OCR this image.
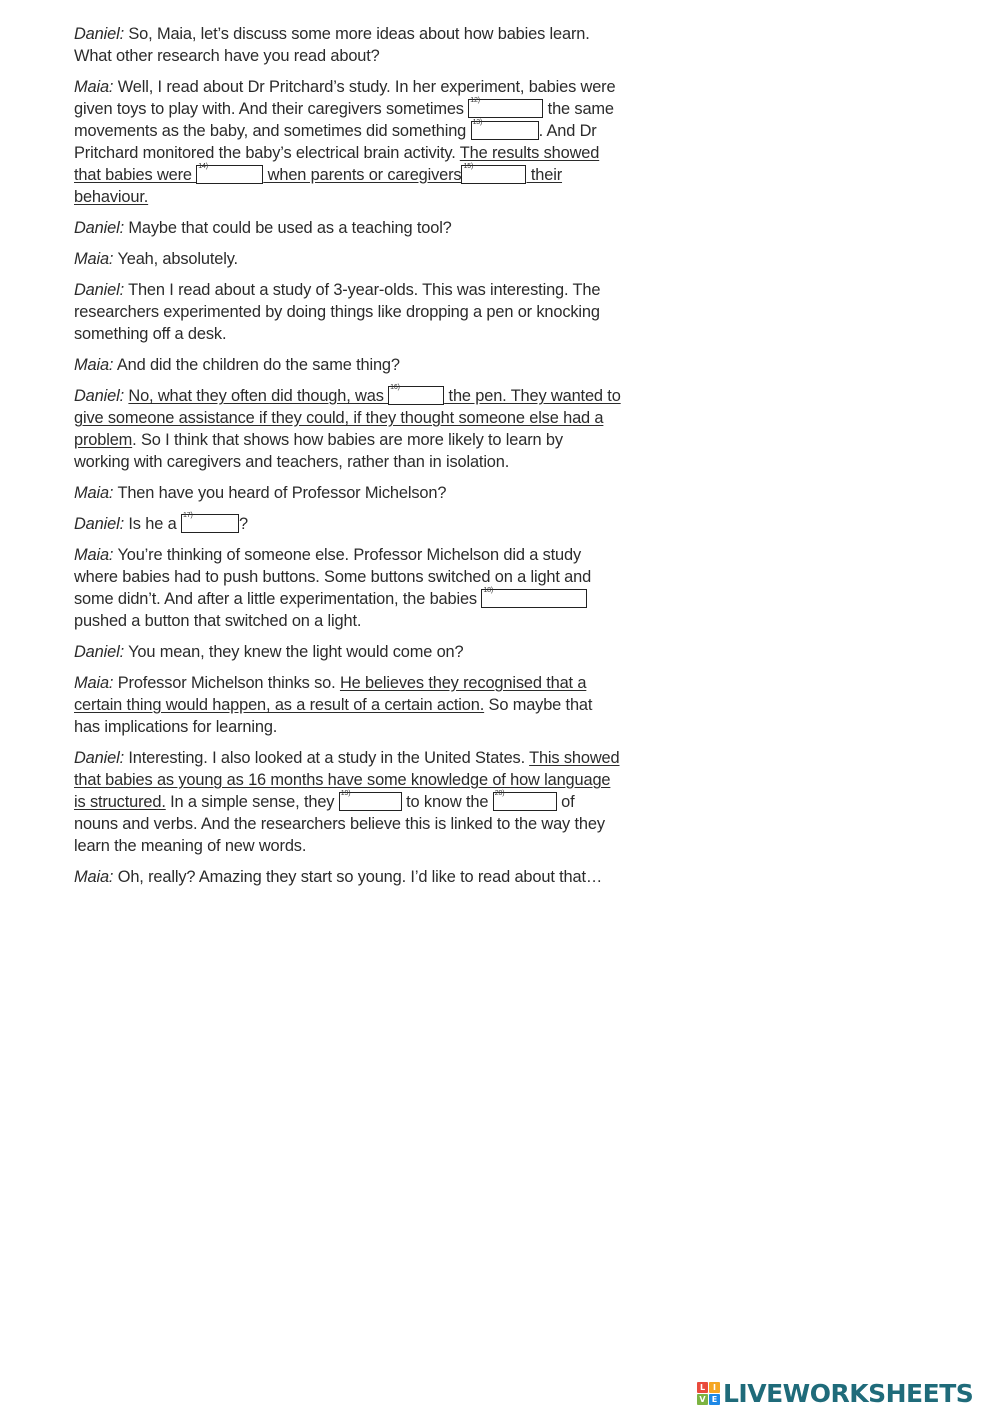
Daniel: So, Maia, let’s discuss some more ideas about how babies learn. What other research have you read about?

Maia: Well, I read about Dr Pritchard’s study. In her experiment, babies were given toys to play with. And their caregivers sometimes 12)	the same movements as the baby, and sometimes did something 13)	. And Dr Pritchard monitored the baby’s electrical brain activity. The results showed that babies were 14)	when parents or caregivers 15)	their behaviour.

Daniel: Maybe that could be used as a teaching tool?

Maia: Yeah, absolutely.

Daniel: Then I read about a study of 3-year-olds. This was interesting. The researchers experimented by doing things like dropping a pen or knocking something off a desk.

Maia: And did the children do the same thing?

Daniel: No, what they often did though, was 16)	the pen. They wanted to give someone assistance if they could, if they thought someone else had a problem. So I think that shows how babies are more likely to learn by working with caregivers and teachers, rather than in isolation.

Maia: Then have you heard of Professor Michelson?

Daniel: Is he a 17)	?

Maia: You’re thinking of someone else. Professor Michelson did a study where babies had to push buttons. Some buttons switched on a light and some didn’t. And after a little experimentation, the babies 18)
pushed a button that switched on a light.

Daniel: You mean, they knew the light would come on?

Maia: Professor Michelson thinks so. He believes they recognised that a certain thing would happen, as a result of a certain action. So maybe that has implications for learning.

Daniel: Interesting. I also looked at a study in the United States. This showed that babies as young as 16 months have some knowledge of how language is structured. In a simple sense, they 19)	to know the 20)	of nouns and verbs. And the researchers believe this is linked to the way they learn the meaning of new words.

Maia: Oh, really? Amazing they start so young. I’d like to read about that…

L I
V E LIVEWORKSHEETS
